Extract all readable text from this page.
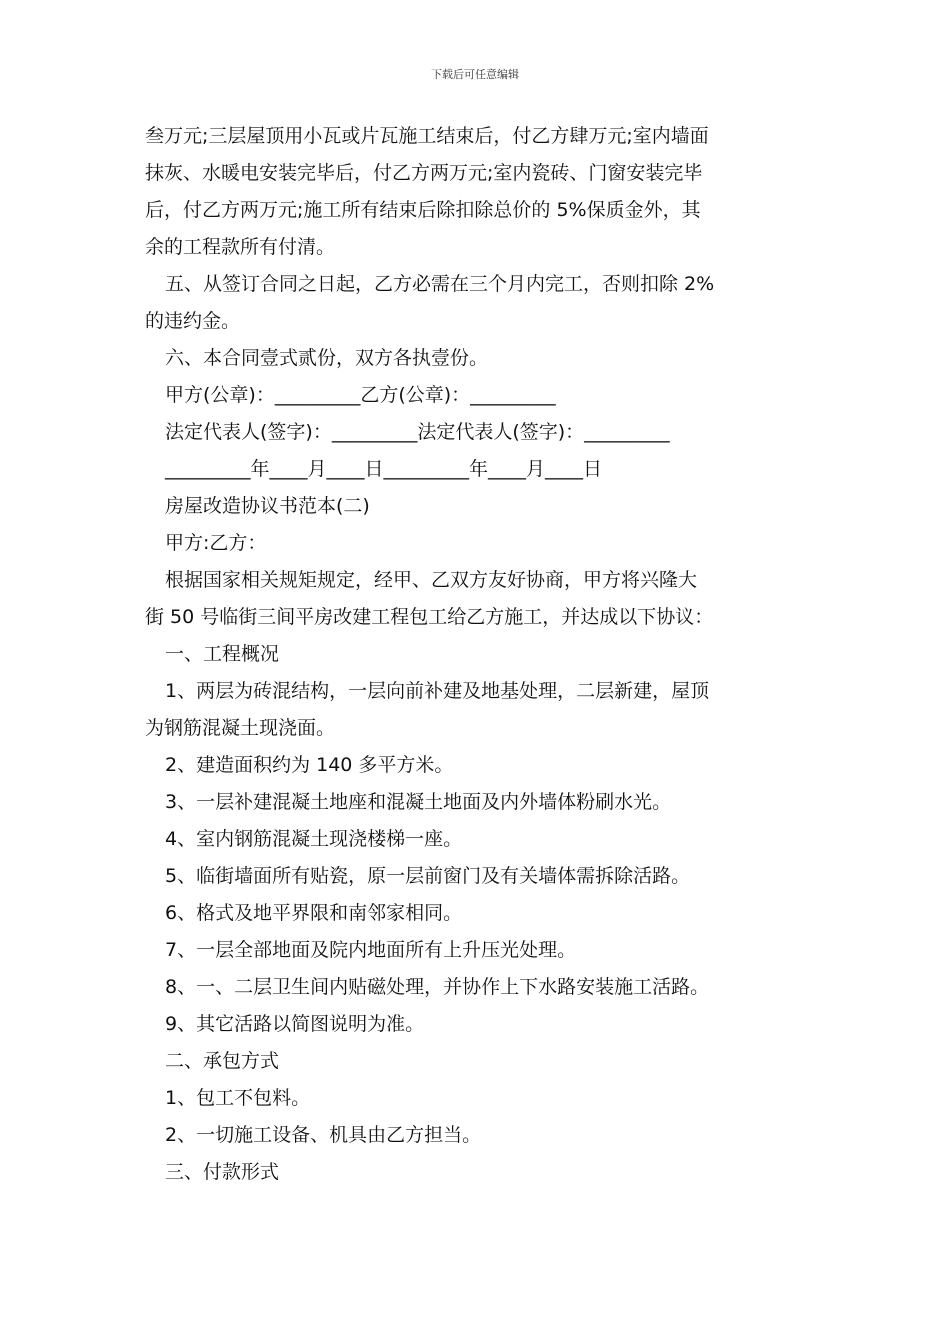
下载后可任意编辑
叁万元;三层屋顶用小瓦或片瓦施工结束后，付乙方肆万元;室内墙面
抹灰、水暖电安装完毕后，付乙方两万元;室内瓷砖、门窗安装完毕
后，付乙方两万元;施工所有结束后除扣除总价的 5%保质金外，其
余的工程款所有付清。
五、从签订合同之日起，乙方必需在三个月内完工，否则扣除 2%
的违约金。
六、本合同壹式贰份，双方各执壹份。
甲方(公章)：_________乙方(公章)：_________
法定代表人(签字)：_________法定代表人(签字)：_________
_________年____月____日_________年____月____日
房屋改造协议书范本(二)
甲方:乙方：
根据国家相关规矩规定，经甲、乙双方友好协商，甲方将兴隆大
街 50 号临街三间平房改建工程包工给乙方施工，并达成以下协议：
一、工程概况
1、两层为砖混结构，一层向前补建及地基处理，二层新建，屋顶
为钢筋混凝土现浇面。
2、建造面积约为 140 多平方米。
3、一层补建混凝土地座和混凝土地面及内外墙体粉刷水光。
4、室内钢筋混凝土现浇楼梯一座。
5、临街墙面所有贴瓷，原一层前窗门及有关墙体需拆除活路。
6、格式及地平界限和南邻家相同。
7、一层全部地面及院内地面所有上升压光处理。
8、一、二层卫生间内贴磁处理，并协作上下水路安装施工活路。
9、其它活路以简图说明为准。
二、承包方式
1、包工不包料。
2、一切施工设备、机具由乙方担当。
三、付款形式
